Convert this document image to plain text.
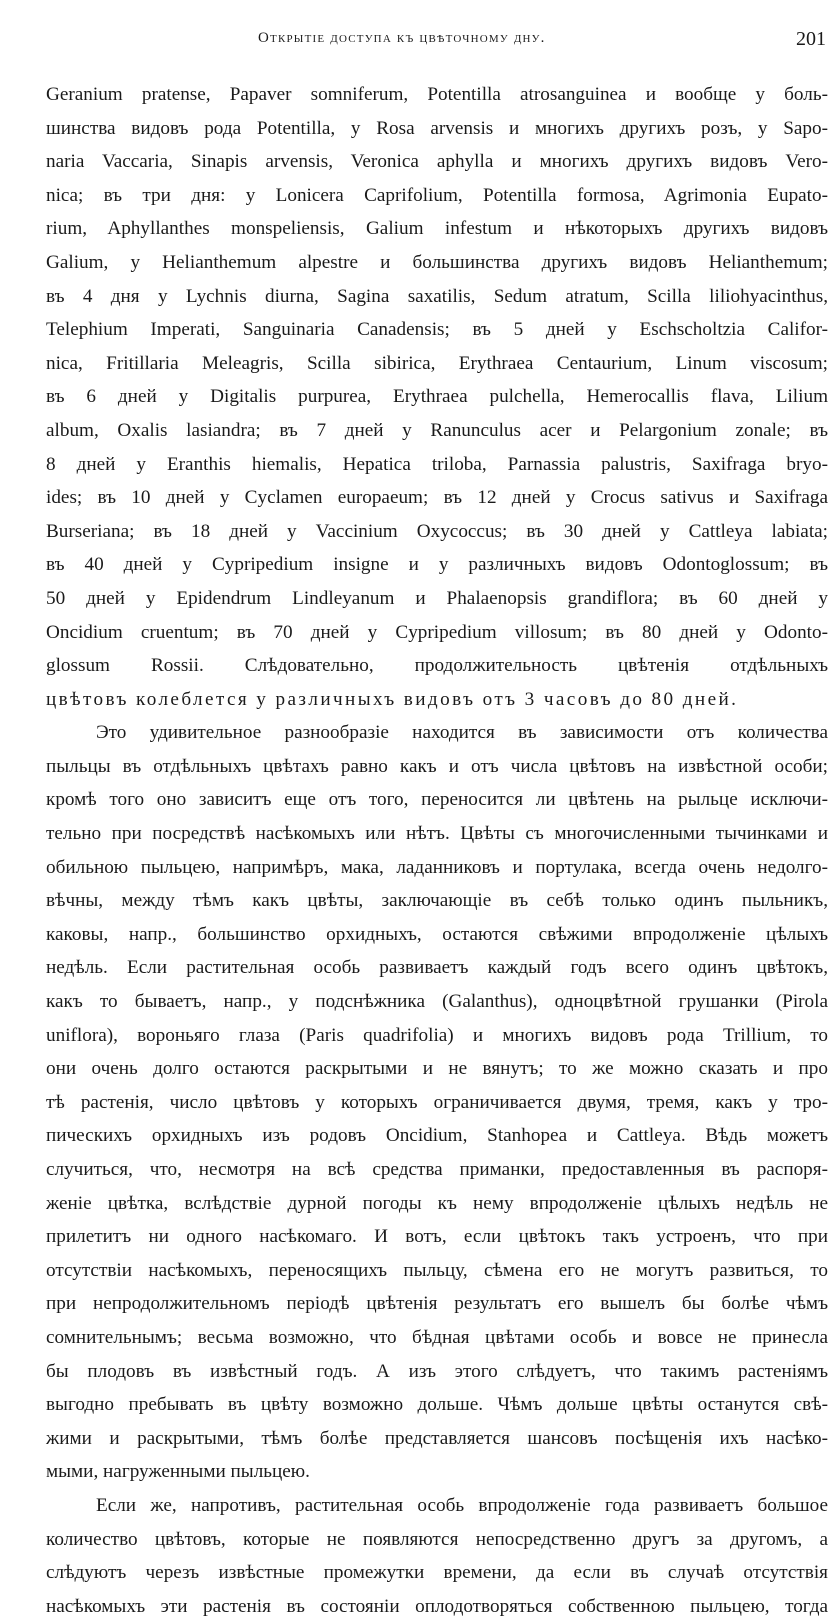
Открытіе доступа къ цвѣточному дну.	201
Geranium pratense, Papaver somniferum, Potentilla atrosanguinea и вообще у боль-
шинства видовъ рода Potentilla, у Rosa arvensis и многихъ другихъ розъ, у Sapo-
naria Vaccaria, Sinapis arvensis, Veronica aphylla и многихъ другихъ видовъ Vero-
nica; въ три дня: у Lonicera Caprifolium, Potentilla formosa, Agrimonia Eupato-
rium, Aphyllanthes monspeliensis, Galium infestum и нѣкоторыхъ другихъ видовъ
Galium, у Helianthemum alpestre и большинства другихъ видовъ Helianthemum;
въ 4 дня у Lychnis diurna, Sagina saxatilis, Sedum atratum, Scilla liliohyacinthus,
Telephium Imperati, Sanguinaria Canadensis; въ 5 дней у Eschscholtzia Califor-
nica, Fritillaria Meleagris, Scilla sibirica, Erythraea Centaurium, Linum viscosum;
въ 6 дней у Digitalis purpurea, Erythraea pulchella, Hemerocallis flava, Lilium
album, Oxalis lasiandra; въ 7 дней у Ranunculus acer и Pelargonium zonale; въ
8 дней у Eranthis hiemalis, Hepatica triloba, Parnassia palustris, Saxifraga bryo-
ides; въ 10 дней у Cyclamen europaeum; въ 12 дней у Crocus sativus и Saxifraga
Burseriana; въ 18 дней у Vaccinium Oxycoccus; въ 30 дней у Cattleya labiata;
въ 40 дней у Cypripedium insigne и у различныхъ видовъ Odontoglossum; въ
50 дней у Epidendrum Lindleyanum и Phalaenopsis grandiflora; въ 60 дней у
Oncidium cruentum; въ 70 дней у Cypripedium villosum; въ 80 дней у Odonto-
glossum Rossii. Слѣдовательно, продолжительность цвѣтенія отдѣльныхъ
цвѣтовъ колеблется у различныхъ видовъ отъ 3 часовъ до 80 дней.
Это удивительное разнообразіе находится въ зависимости отъ количества
пыльцы въ отдѣльныхъ цвѣтахъ равно какъ и отъ числа цвѣтовъ на извѣстной особи;
кромѣ того оно зависитъ еще отъ того, переносится ли цвѣтень на рыльце исключи-
тельно при посредствѣ насѣкомыхъ или нѣтъ. Цвѣты съ многочисленными тычинками и
обильною пыльцею, напримѣръ, мака, ладанниковъ и портулака, всегда очень недолго-
вѣчны, между тѣмъ какъ цвѣты, заключающіе въ себѣ только одинъ пыльникъ,
каковы, напр., большинство орхидныхъ, остаются свѣжими впродолженіе цѣлыхъ
недѣль. Если растительная особь развиваетъ каждый годъ всего одинъ цвѣтокъ,
какъ то бываетъ, напр., у подснѣжника (Galanthus), одноцвѣтной грушанки (Pirola
uniflora), вороньяго глаза (Paris quadrifolia) и многихъ видовъ рода Trillium, то
они очень долго остаются раскрытыми и не вянутъ; то же можно сказать и про
тѣ растенія, число цвѣтовъ у которыхъ ограничивается двумя, тремя, какъ у тро-
пическихъ орхидныхъ изъ родовъ Oncidium, Stanhopea и Cattleya. Вѣдь можетъ
случиться, что, несмотря на всѣ средства приманки, предоставленныя въ распоря-
женіе цвѣтка, вслѣдствіе дурной погоды къ нему впродолженіе цѣлыхъ недѣль не
прилетитъ ни одного насѣкомаго. И вотъ, если цвѣтокъ такъ устроенъ, что при
отсутствіи насѣкомыхъ, переносящихъ пыльцу, сѣмена его не могутъ развиться, то
при непродолжительномъ періодѣ цвѣтенія результатъ его вышелъ бы болѣе чѣмъ
сомнительнымъ; весьма возможно, что бѣдная цвѣтами особь и вовсе не принесла
бы плодовъ въ извѣстный годъ. А изъ этого слѣдуетъ, что такимъ растеніямъ
выгодно пребывать въ цвѣту возможно дольше. Чѣмъ дольше цвѣты останутся свѣ-
жими и раскрытыми, тѣмъ болѣе представляется шансовъ посѣщенія ихъ насѣко-
мыми, нагруженными пыльцею.
Если же, напротивъ, растительная особь впродолженіе года развиваетъ большое
количество цвѣтовъ, которые не появляются непосредственно другъ за другомъ, а
слѣдуютъ черезъ извѣстные промежутки времени, да если въ случаѣ отсутствія
насѣкомыхъ эти растенія въ состояніи оплодотворяться собственною пыльцею, тогда
